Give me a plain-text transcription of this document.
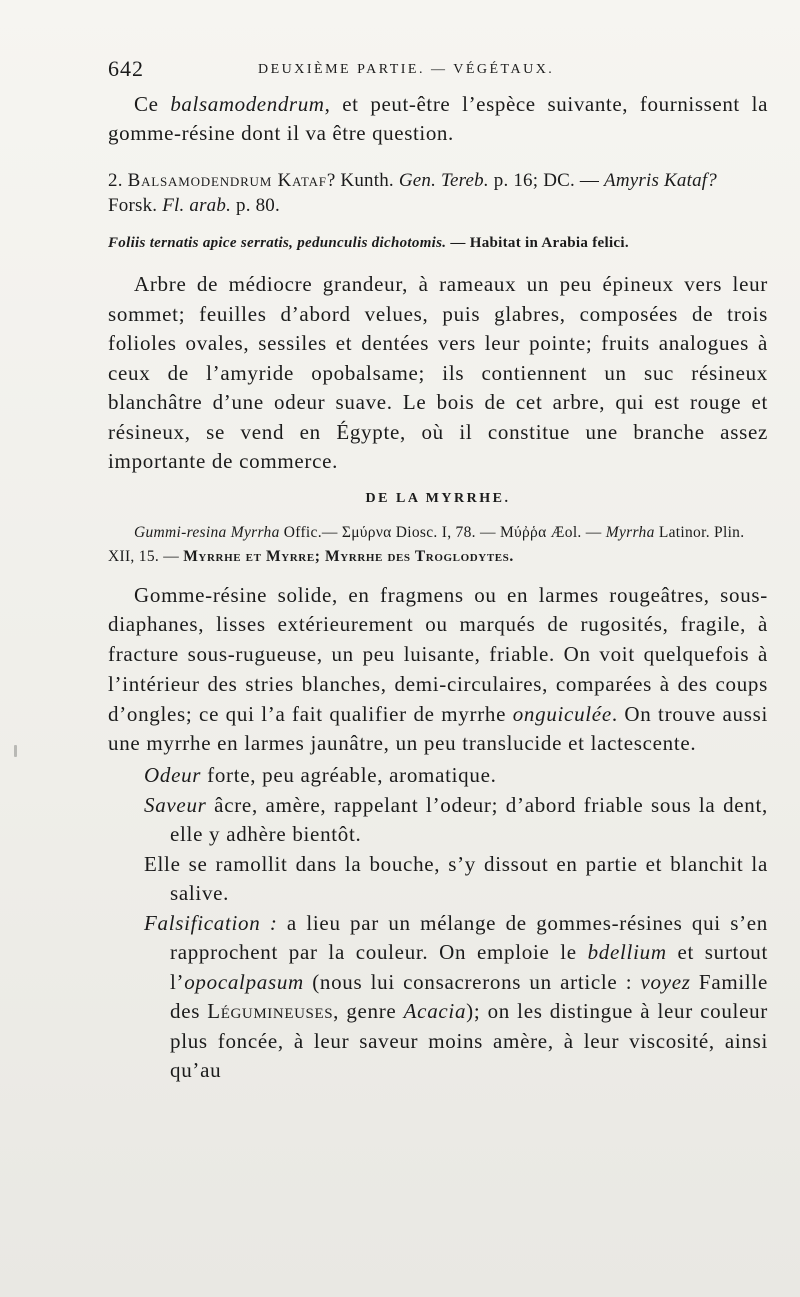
642	DEUXIÈME PARTIE. — VÉGÉTAUX.

Ce balsamodendrum, et peut-être l’espèce suivante, fournissent la gomme-résine dont il va être question.

2. Balsamodendrum Kataf? Kunth. Gen. Tereb. p. 16; DC. — Amyris Kataf? Forsk. Fl. arab. p. 80.

Foliis ternatis apice serratis, pedunculis dichotomis. — Habitat in Arabia felici.

Arbre de médiocre grandeur, à rameaux un peu épineux vers leur sommet; feuilles d’abord velues, puis glabres, composées de trois folioles ovales, sessiles et dentées vers leur pointe; fruits analogues à ceux de l’amyride opobalsame; ils contiennent un suc résineux blanchâtre d’une odeur suave. Le bois de cet arbre, qui est rouge et résineux, se vend en Égypte, où il constitue une branche assez importante de commerce.

DE LA MYRRHE.

Gummi-resina Myrrha Offic.— Σμύρνα Diosc. I, 78. — Μύῤῥα Æol. — Myrrha Latinor. Plin. XII, 15. — Myrrhe et Myrre; Myrrhe des Troglodytes.

Gomme-résine solide, en fragmens ou en larmes rougeâtres, sous-diaphanes, lisses extérieurement ou marqués de rugosités, fragile, à fracture sous-rugueuse, un peu luisante, friable. On voit quelquefois à l’intérieur des stries blanches, demi-circulaires, comparées à des coups d’ongles; ce qui l’a fait qualifier de myrrhe onguiculée. On trouve aussi une myrrhe en larmes jaunâtre, un peu translucide et lactescente.

Odeur forte, peu agréable, aromatique.

Saveur âcre, amère, rappelant l’odeur; d’abord friable sous la dent, elle y adhère bientôt.

Elle se ramollit dans la bouche, s’y dissout en partie et blanchit la salive.

Falsification : a lieu par un mélange de gommes-résines qui s’en rapprochent par la couleur. On emploie le bdellium et surtout l’opocalpasum (nous lui consacrerons un article : voyez Famille des Légumineuses, genre Acacia); on les distingue à leur couleur plus foncée, à leur saveur moins amère, à leur viscosité, ainsi qu’au
